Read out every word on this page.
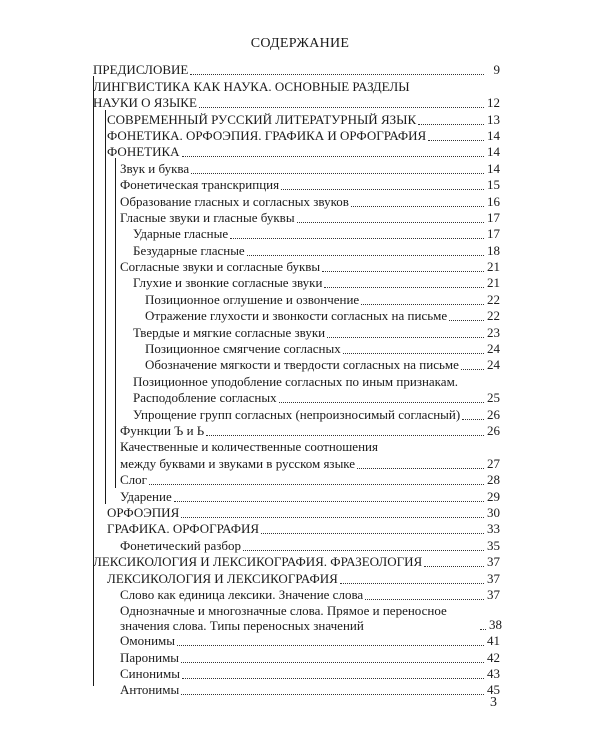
СОДЕРЖАНИЕ
ПРЕДИСЛОВИЕ	9
ЛИНГВИСТИКА КАК НАУКА. ОСНОВНЫЕ РАЗДЕЛЫ
НАУКИ О ЯЗЫКЕ	12
СОВРЕМЕННЫЙ РУССКИЙ ЛИТЕРАТУРНЫЙ ЯЗЫК	13
ФОНЕТИКА. ОРФОЭПИЯ. ГРАФИКА И ОРФОГРАФИЯ	14
ФОНЕТИКА	14
Звук и буква	14
Фонетическая транскрипция	15
Образование гласных и согласных звуков	16
Гласные звуки и гласные буквы	17
Ударные гласные	17
Безударные гласные	18
Согласные звуки и согласные буквы	21
Глухие и звонкие согласные звуки	21
Позиционное оглушение и озвончение	22
Отражение глухости и звонкости согласных на письме	22
Твердые и мягкие согласные звуки	23
Позиционное смягчение согласных	24
Обозначение мягкости и твердости согласных на письме 24
Позиционное уподобление согласных по иным признакам.
Расподобление согласных	25
Упрощение групп согласных (непроизносимый согласный) 26
Функции Ъ и Ь	26
Качественные и количественные соотношения
между буквами и звуками в русском языке	27
Слог	28
Ударение	29
ОРФОЭПИЯ	30
ГРАФИКА. ОРФОГРАФИЯ	33
Фонетический разбор	35
ЛЕКСИКОЛОГИЯ И ЛЕКСИКОГРАФИЯ. ФРАЗЕОЛОГИЯ	37
ЛЕКСИКОЛОГИЯ И ЛЕКСИКОГРАФИЯ	37
Слово как единица лексики. Значение слова	37
Однозначные и многозначные слова. Прямое и переносное значения слова. Типы переносных значений	38
Омонимы	41
Паронимы	42
Синонимы	43
Антонимы	45
3
